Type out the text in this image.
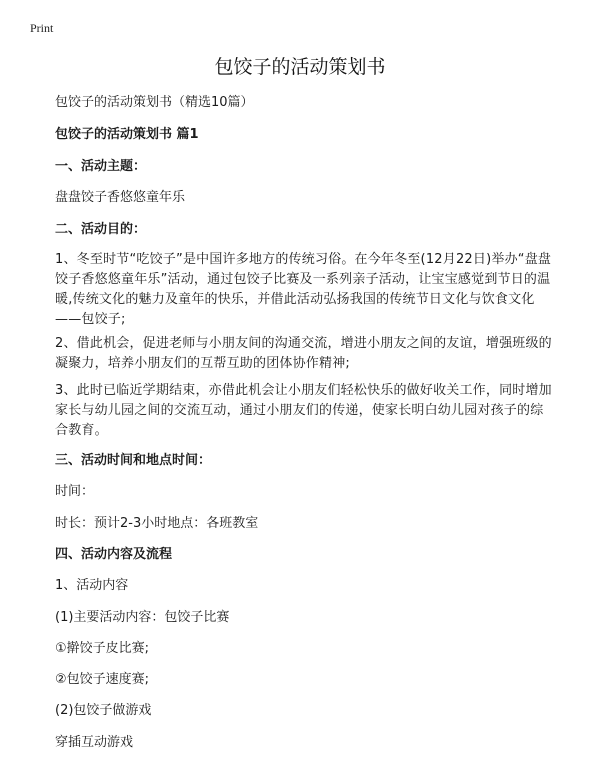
Print
包饺子的活动策划书
包饺子的活动策划书（精选10篇）
包饺子的活动策划书 篇1
一、活动主题：
盘盘饺子香悠悠童年乐
二、活动目的：
1、冬至时节“吃饺子”是中国许多地方的传统习俗。在今年冬至(12月22日)举办“盘盘饺子香悠悠童年乐”活动，通过包饺子比赛及一系列亲子活动，让宝宝感觉到节日的温暖,传统文化的魅力及童年的快乐，并借此活动弘扬我国的传统节日文化与饮食文化——包饺子;
2、借此机会，促进老师与小朋友间的沟通交流，增进小朋友之间的友谊，增强班级的凝聚力，培养小朋友们的互帮互助的团体协作精神;
3、此时已临近学期结束，亦借此机会让小朋友们轻松快乐的做好收关工作，同时增加家长与幼儿园之间的交流互动，通过小朋友们的传递，使家长明白幼儿园对孩子的综合教育。
三、活动时间和地点时间：
时间：
时长：预计2-3小时地点：各班教室
四、活动内容及流程
1、活动内容
(1)主要活动内容：包饺子比赛
①擀饺子皮比赛;
②包饺子速度赛;
(2)包饺子做游戏
穿插互动游戏
